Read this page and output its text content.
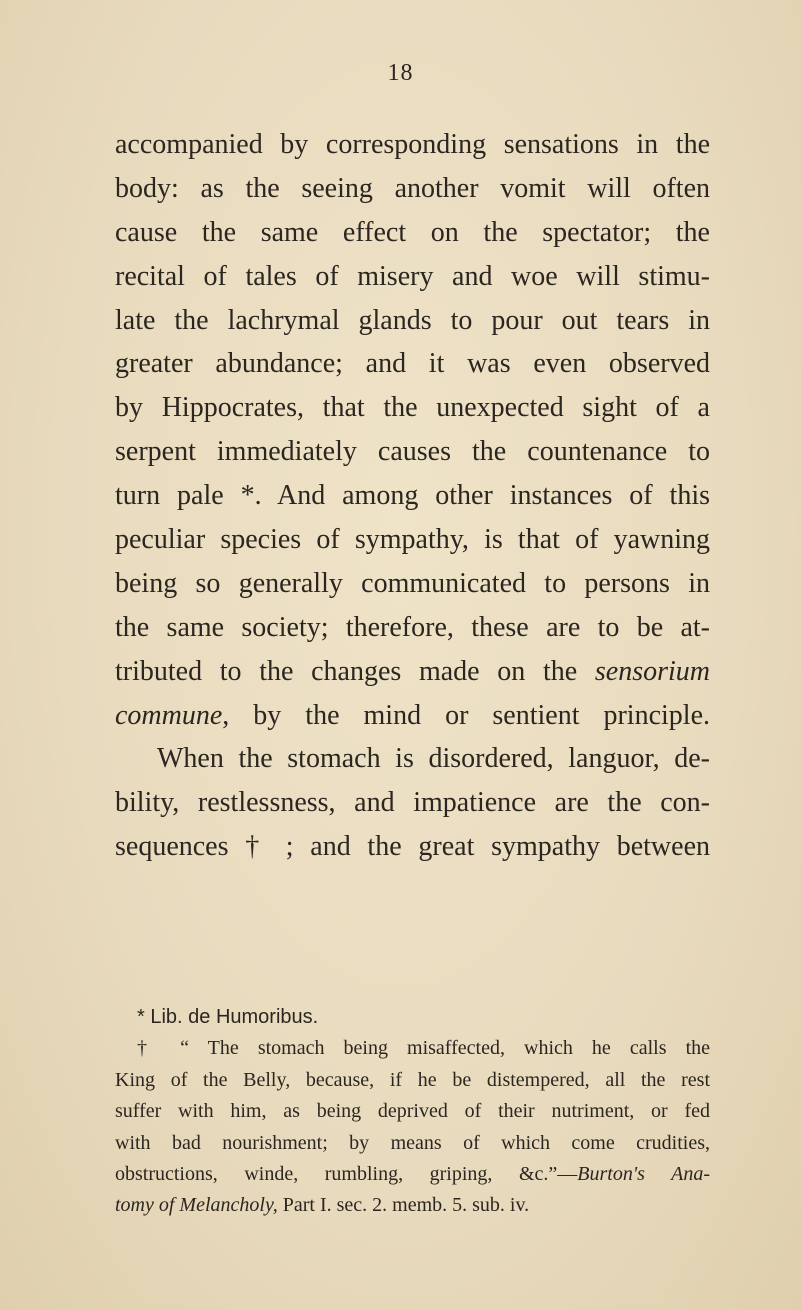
18
accompanied by corresponding sensations in the
body: as the seeing another vomit will often
cause the same effect on the spectator; the
recital of tales of misery and woe will stimu-
late the lachrymal glands to pour out tears in
greater abundance; and it was even observed
by Hippocrates, that the unexpected sight of a
serpent immediately causes the countenance to
turn pale *. And among other instances of this
peculiar species of sympathy, is that of yawning
being so generally communicated to persons in
the same society; therefore, these are to be at-
tributed to the changes made on the sensorium
commune, by the mind or sentient principle.
When the stomach is disordered, languor, de-
bility, restlessness, and impatience are the con-
sequences † ; and the great sympathy between
* Lib. de Humoribus.
† “ The stomach being misaffected, which he calls the
King of the Belly, because, if he be distempered, all the rest
suffer with him, as being deprived of their nutriment, or fed
with bad nourishment; by means of which come crudities,
obstructions, winde, rumbling, griping, &c.”—Burton's Ana-
tomy of Melancholy, Part I. sec. 2. memb. 5. sub. iv.
